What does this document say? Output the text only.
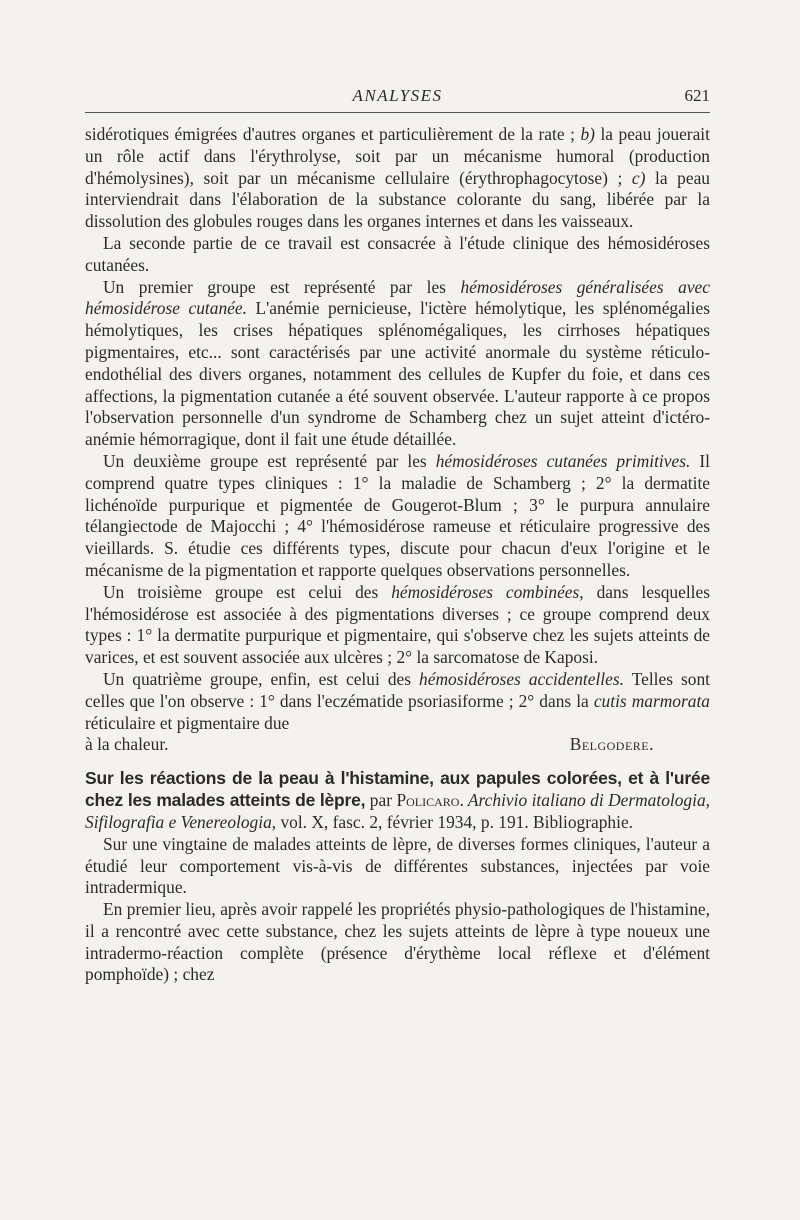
ANALYSES	621

sidérotiques émigrées d'autres organes et particulièrement de la rate ; b) la peau jouerait un rôle actif dans l'érythrolyse, soit par un mécanisme humoral (production d'hémolysines), soit par un mécanisme cellulaire (érythrophagocytose) ; c) la peau interviendrait dans l'élaboration de la substance colorante du sang, libérée par la dissolution des globules rouges dans les organes internes et dans les vaisseaux.

La seconde partie de ce travail est consacrée à l'étude clinique des hémosidéroses cutanées.

Un premier groupe est représenté par les hémosidéroses généralisées avec hémosidérose cutanée. L'anémie pernicieuse, l'ictère hémolytique, les splénomégalies hémolytiques, les crises hépatiques splénomégaliques, les cirrhoses hépatiques pigmentaires, etc... sont caractérisés par une activité anormale du système réticulo-endothélial des divers organes, notamment des cellules de Kupfer du foie, et dans ces affections, la pigmentation cutanée a été souvent observée. L'auteur rapporte à ce propos l'observation personnelle d'un syndrome de Schamberg chez un sujet atteint d'ictéro-anémie hémorragique, dont il fait une étude détaillée.

Un deuxième groupe est représenté par les hémosidéroses cutanées primitives. Il comprend quatre types cliniques : 1° la maladie de Schamberg ; 2° la dermatite lichénoïde purpurique et pigmentée de Gougerot-Blum ; 3° le purpura annulaire télangiectode de Majocchi ; 4° l'hémosidérose rameuse et réticulaire progressive des vieillards. S. étudie ces différents types, discute pour chacun d'eux l'origine et le mécanisme de la pigmentation et rapporte quelques observations personnelles.

Un troisième groupe est celui des hémosidéroses combinées, dans lesquelles l'hémosidérose est associée à des pigmentations diverses ; ce groupe comprend deux types : 1° la dermatite purpurique et pigmentaire, qui s'observe chez les sujets atteints de varices, et est souvent associée aux ulcères ; 2° la sarcomatose de Kaposi.

Un quatrième groupe, enfin, est celui des hémosidéroses accidentelles. Telles sont celles que l'on observe : 1° dans l'eczématide psoriasiforme ; 2° dans la cutis marmorata réticulaire et pigmentaire due

à la chaleur.	Belgodere.

Sur les réactions de la peau à l'histamine, aux papules colorées, et à l'urée chez les malades atteints de lèpre, par Policaro. Archivio italiano di Dermatologia, Sifilografia e Venereologia, vol. X, fasc. 2, février 1934, p. 191. Bibliographie.

Sur une vingtaine de malades atteints de lèpre, de diverses formes cliniques, l'auteur a étudié leur comportement vis-à-vis de différentes substances, injectées par voie intradermique.

En premier lieu, après avoir rappelé les propriétés physio-pathologiques de l'histamine, il a rencontré avec cette substance, chez les sujets atteints de lèpre à type noueux une intradermo-réaction complète (présence d'érythème local réflexe et d'élément pomphoïde) ; chez
